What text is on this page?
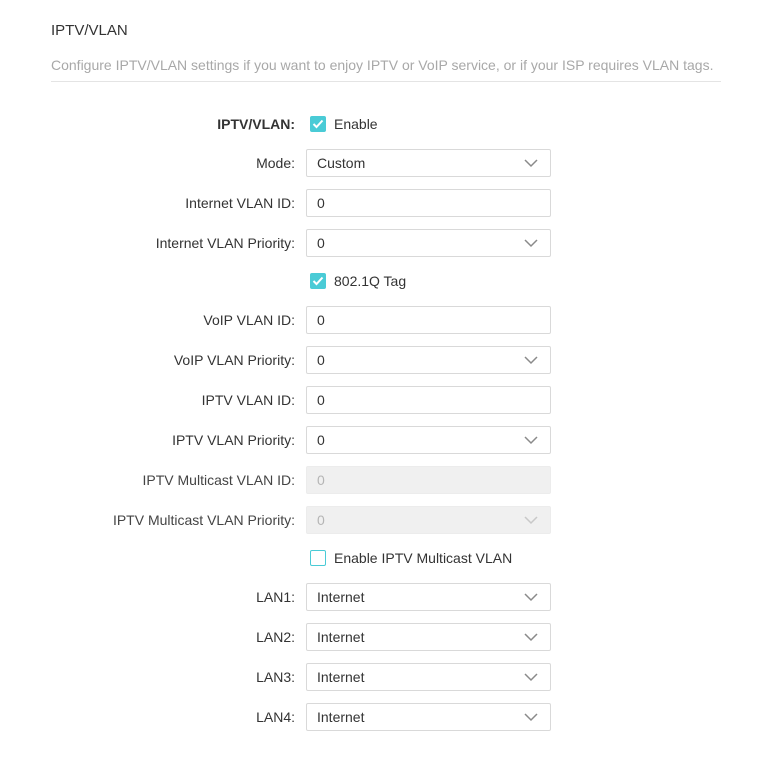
IPTV/VLAN
Configure IPTV/VLAN settings if you want to enjoy IPTV or VoIP service, or if your ISP requires VLAN tags.
IPTV/VLAN:	Enable
Mode:	Custom
Internet VLAN ID:	0
Internet VLAN Priority:	0
802.1Q Tag
VoIP VLAN ID:	0
VoIP VLAN Priority:	0
IPTV VLAN ID:	0
IPTV VLAN Priority:	0
IPTV Multicast VLAN ID:	0
IPTV Multicast VLAN Priority:	0
Enable IPTV Multicast VLAN
LAN1:	Internet
LAN2:	Internet
LAN3:	Internet
LAN4:	Internet
